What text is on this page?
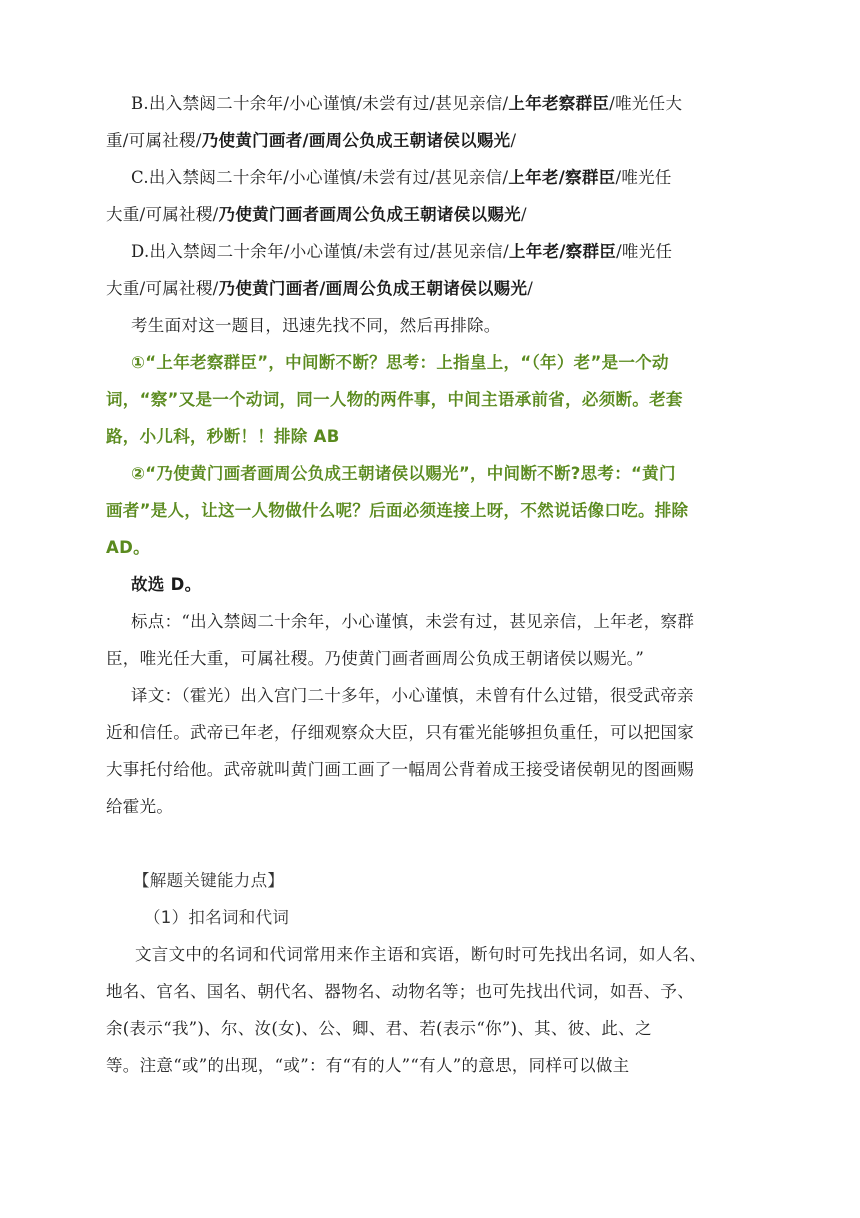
B.出入禁闼二十余年/小心谨慎/未尝有过/甚见亲信/上年老察群臣/唯光任大
重/可属社稷/乃使黄门画者/画周公负成王朝诸侯以赐光/
C.出入禁闼二十余年/小心谨慎/未尝有过/甚见亲信/上年老/察群臣/唯光任
大重/可属社稷/乃使黄门画者画周公负成王朝诸侯以赐光/
D.出入禁闼二十余年/小心谨慎/未尝有过/甚见亲信/上年老/察群臣/唯光任
大重/可属社稷/乃使黄门画者/画周公负成王朝诸侯以赐光/
考生面对这一题目，迅速先找不同，然后再排除。
①“上年老察群臣”，中间断不断？思考：上指皇上，“（年）老”是一个动
词，“察”又是一个动词，同一人物的两件事，中间主语承前省，必须断。老套
路，小儿科，秒断！！排除 AB
②“乃使黄门画者画周公负成王朝诸侯以赐光”，中间断不断?思考：“黄门
画者”是人，让这一人物做什么呢？后面必须连接上呀，不然说话像口吃。排除
AD。
故选 D。
标点：“出入禁闼二十余年，小心谨慎，未尝有过，甚见亲信，上年老，察群
臣，唯光任大重，可属社稷。乃使黄门画者画周公负成王朝诸侯以赐光。”
译文：（霍光）出入宫门二十多年，小心谨慎，未曾有什么过错，很受武帝亲
近和信任。武帝已年老，仔细观察众大臣，只有霍光能够担负重任，可以把国家
大事托付给他。武帝就叫黄门画工画了一幅周公背着成王接受诸侯朝见的图画赐
给霍光。
【解题关键能力点】
（1）扣名词和代词
文言文中的名词和代词常用来作主语和宾语，断句时可先找出名词，如人名、
地名、官名、国名、朝代名、器物名、动物名等；也可先找出代词，如吾、予、
余(表示“我”)、尔、汝(女)、公、卿、君、若(表示“你”)、其、彼、此、之
等。注意“或”的出现，“或”：有“有的人”“有人”的意思，同样可以做主
